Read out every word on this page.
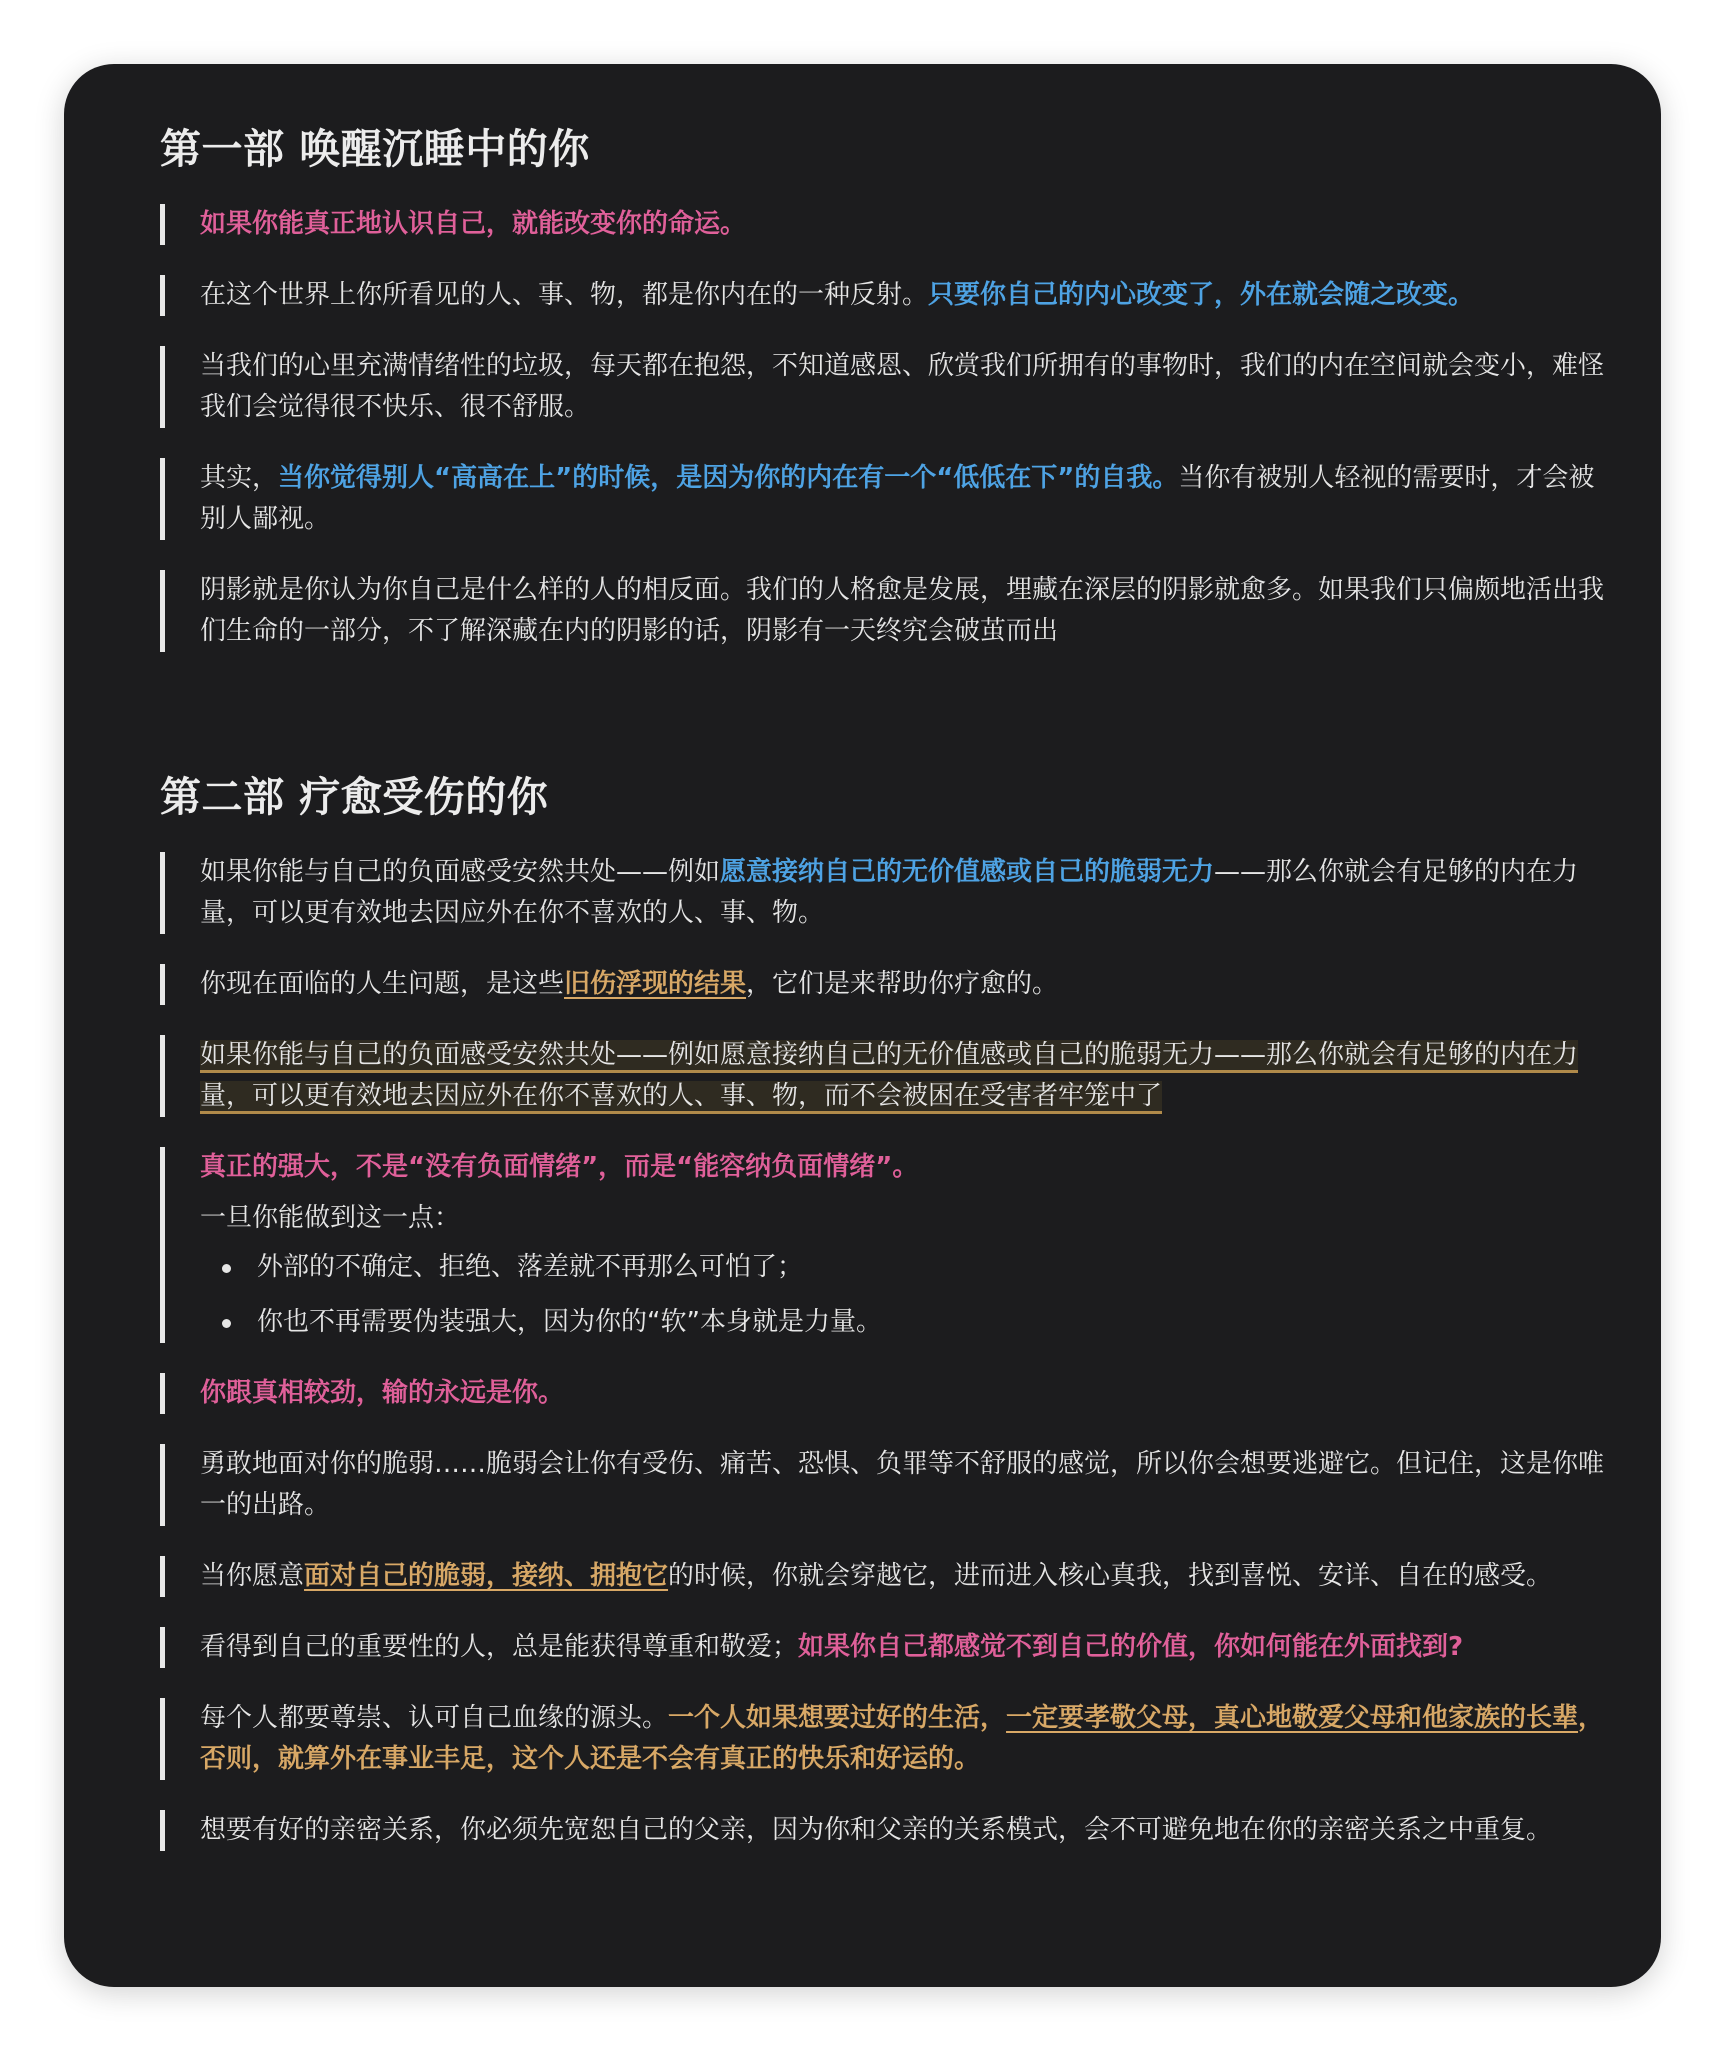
第一部 唤醒沉睡中的你
如果你能真正地认识自己，就能改变你的命运。
在这个世界上你所看见的人、事、物，都是你内在的一种反射。只要你自己的内心改变了，外在就会随之改变。
当我们的心里充满情绪性的垃圾，每天都在抱怨，不知道感恩、欣赏我们所拥有的事物时，我们的内在空间就会变小，难怪我们会觉得很不快乐、很不舒服。
其实，当你觉得别人“高高在上”的时候，是因为你的内在有一个“低低在下”的自我。当你有被别人轻视的需要时，才会被别人鄙视。
阴影就是你认为你自己是什么样的人的相反面。我们的人格愈是发展，埋藏在深层的阴影就愈多。如果我们只偏颇地活出我们生命的一部分，不了解深藏在内的阴影的话，阴影有一天终究会破茧而出
第二部 疗愈受伤的你
如果你能与自己的负面感受安然共处——例如愿意接纳自己的无价值感或自己的脆弱无力——那么你就会有足够的内在力量，可以更有效地去因应外在你不喜欢的人、事、物。
你现在面临的人生问题，是这些旧伤浮现的结果，它们是来帮助你疗愈的。
如果你能与自己的负面感受安然共处——例如愿意接纳自己的无价值感或自己的脆弱无力——那么你就会有足够的内在力量，可以更有效地去因应外在你不喜欢的人、事、物，而不会被困在受害者牢笼中了
真正的强大，不是“没有负面情绪”，而是“能容纳负面情绪”。
一旦你能做到这一点：
外部的不确定、拒绝、落差就不再那么可怕了；
你也不再需要伪装强大，因为你的“软”本身就是力量。
你跟真相较劲，输的永远是你。
勇敢地面对你的脆弱……脆弱会让你有受伤、痛苦、恐惧、负罪等不舒服的感觉，所以你会想要逃避它。但记住，这是你唯一的出路。
当你愿意面对自己的脆弱，接纳、拥抱它的时候，你就会穿越它，进而进入核心真我，找到喜悦、安详、自在的感受。
看得到自己的重要性的人，总是能获得尊重和敬爱；如果你自己都感觉不到自己的价值，你如何能在外面找到?
每个人都要尊崇、认可自己血缘的源头。一个人如果想要过好的生活，一定要孝敬父母，真心地敬爱父母和他家族的长辈，否则，就算外在事业丰足，这个人还是不会有真正的快乐和好运的。
想要有好的亲密关系，你必须先宽恕自己的父亲，因为你和父亲的关系模式，会不可避免地在你的亲密关系之中重复。
